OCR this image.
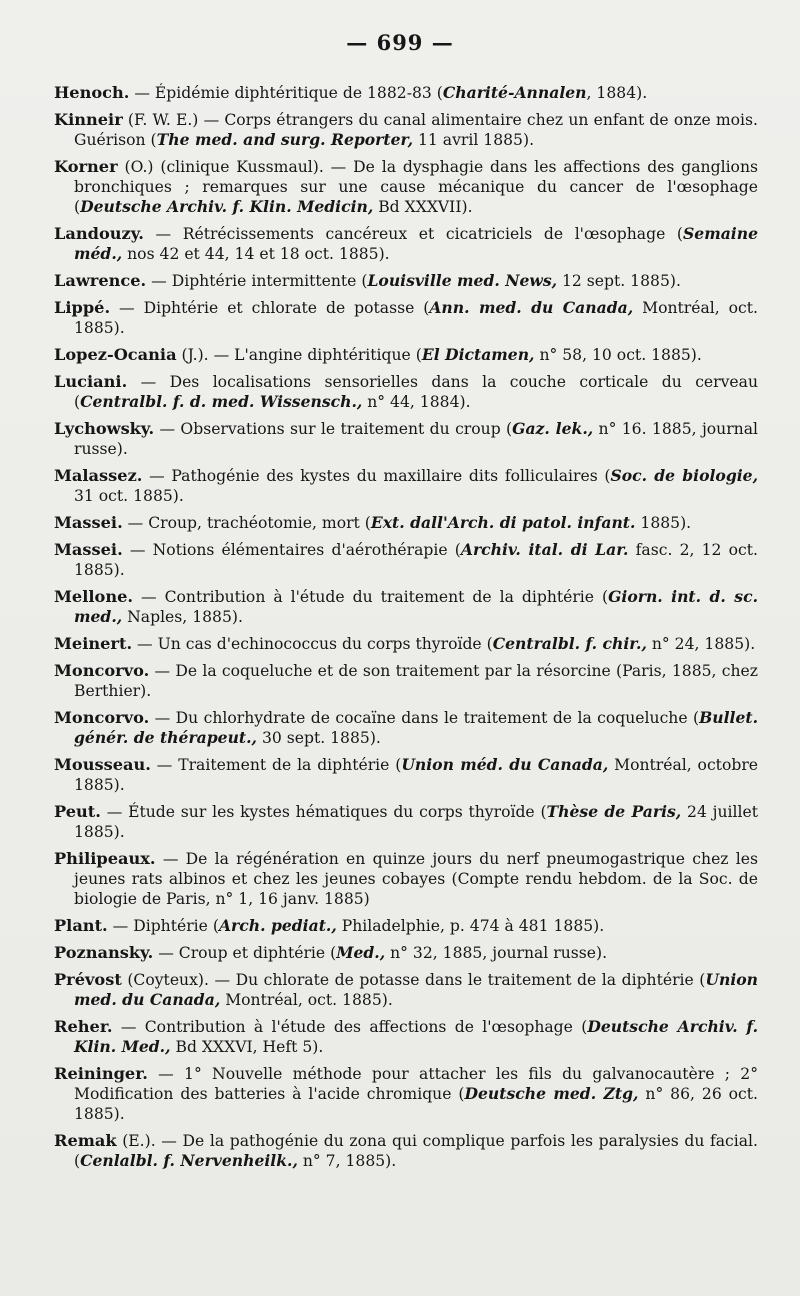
— 699 —

Henoch. — Épidémie diphtéritique de 1882-83 (Charité-Annalen, 1884).

Kinneir (F. W. E.) — Corps étrangers du canal alimentaire chez un enfant de onze mois. Guérison (The med. and surg. Reporter, 11 avril 1885).

Korner (O.) (clinique Kussmaul). — De la dysphagie dans les affections des ganglions bronchiques ; remarques sur une cause mécanique du cancer de l'œsophage (Deutsche Archiv. f. Klin. Medicin, Bd XXXVII).

Landouzy. — Rétrécissements cancéreux et cicatriciels de l'œsophage (Semaine méd., nos 42 et 44, 14 et 18 oct. 1885).

Lawrence. — Diphtérie intermittente (Louisville med. News, 12 sept. 1885).

Lippé. — Diphtérie et chlorate de potasse (Ann. med. du Canada, Montréal, oct. 1885).

Lopez-Ocania (J.). — L'angine diphtéritique (El Dictamen, n° 58, 10 oct. 1885).

Luciani. — Des localisations sensorielles dans la couche corticale du cerveau (Centralbl. f. d. med. Wissensch., n° 44, 1884).

Lychowsky. — Observations sur le traitement du croup (Gaz. lek., n° 16. 1885, journal russe).

Malassez. — Pathogénie des kystes du maxillaire dits folliculaires (Soc. de biologie, 31 oct. 1885).

Massei. — Croup, trachéotomie, mort (Ext. dall'Arch. di patol. infant. 1885).

Massei. — Notions élémentaires d'aérothérapie (Archiv. ital. di Lar. fasc. 2, 12 oct. 1885).

Mellone. — Contribution à l'étude du traitement de la diphtérie (Giorn. int. d. sc. med., Naples, 1885).

Meinert. — Un cas d'echinococcus du corps thyroïde (Centralbl. f. chir., n° 24, 1885).

Moncorvo. — De la coqueluche et de son traitement par la résorcine (Paris, 1885, chez Berthier).

Moncorvo. — Du chlorhydrate de cocaïne dans le traitement de la coqueluche (Bullet. génér. de thérapeut., 30 sept. 1885).

Mousseau. — Traitement de la diphtérie (Union méd. du Canada, Montréal, octobre 1885).

Peut. — Étude sur les kystes hématiques du corps thyroïde (Thèse de Paris, 24 juillet 1885).

Philipeaux. — De la régénération en quinze jours du nerf pneumogastrique chez les jeunes rats albinos et chez les jeunes cobayes (Compte rendu hebdom. de la Soc. de biologie de Paris, n° 1, 16 janv. 1885)

Plant. — Diphtérie (Arch. pediat., Philadelphie, p. 474 à 481 1885).

Poznansky. — Croup et diphtérie (Med., n° 32, 1885, journal russe).

Prévost (Coyteux). — Du chlorate de potasse dans le traitement de la diphtérie (Union med. du Canada, Montréal, oct. 1885).

Reher. — Contribution à l'étude des affections de l'œsophage (Deutsche Archiv. f. Klin. Med., Bd XXXVI, Heft 5).

Reininger. — 1° Nouvelle méthode pour attacher les fils du galvanocautère ; 2° Modification des batteries à l'acide chromique (Deutsche med. Ztg, n° 86, 26 oct. 1885).

Remak (E.). — De la pathogénie du zona qui complique parfois les paralysies du facial. (Cenlalbl. f. Nervenheilk., n° 7, 1885).
